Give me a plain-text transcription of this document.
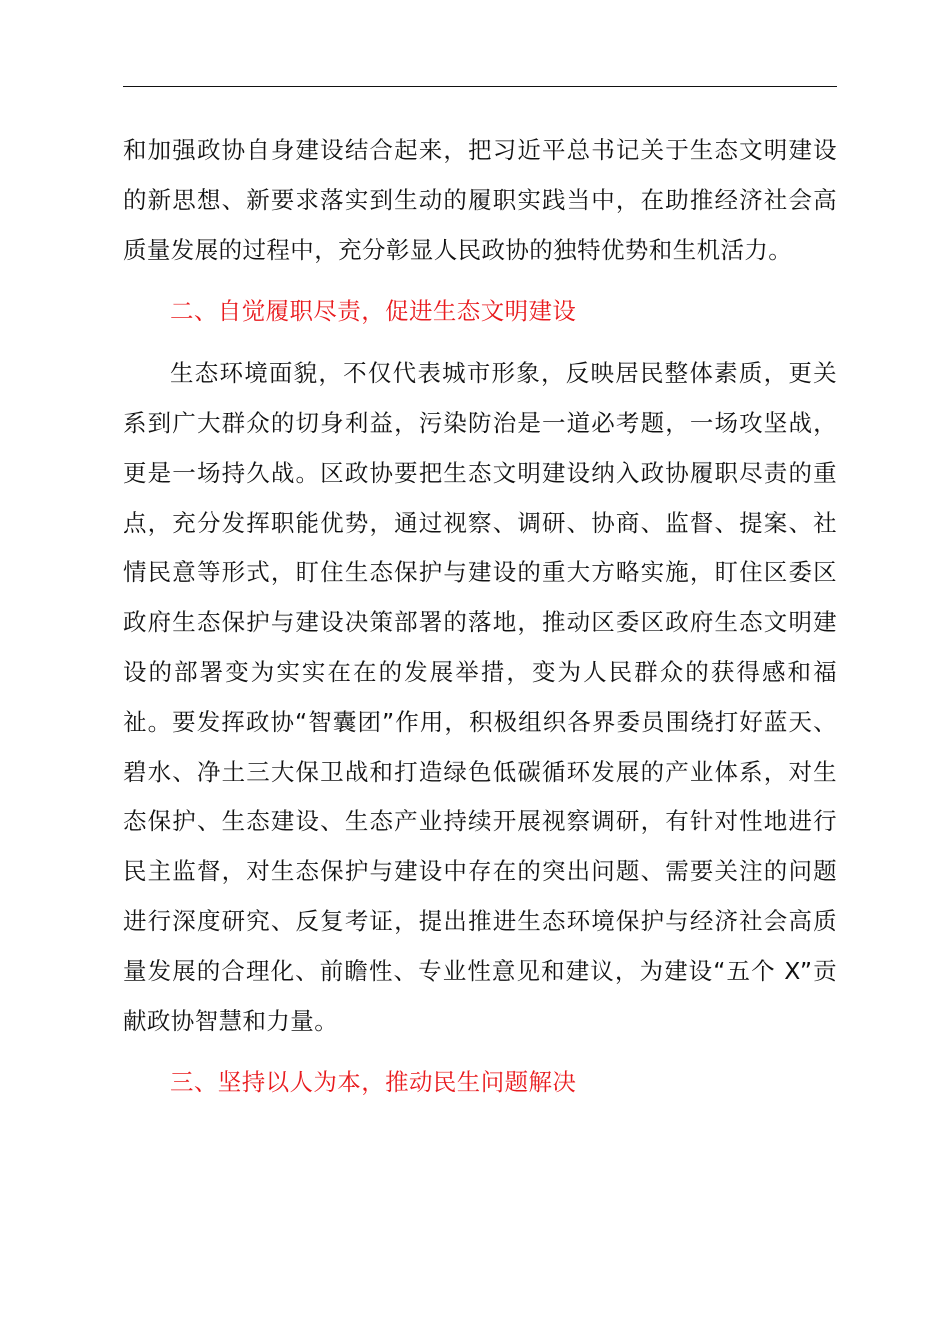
和加强政协自身建设结合起来，把习近平总书记关于生态文明建设的新思想、新要求落实到生动的履职实践当中，在助推经济社会高质量发展的过程中，充分彰显人民政协的独特优势和生机活力。

二、自觉履职尽责，促进生态文明建设

生态环境面貌，不仅代表城市形象，反映居民整体素质，更关系到广大群众的切身利益，污染防治是一道必考题，一场攻坚战，更是一场持久战。区政协要把生态文明建设纳入政协履职尽责的重点，充分发挥职能优势，通过视察、调研、协商、监督、提案、社情民意等形式，盯住生态保护与建设的重大方略实施，盯住区委区政府生态保护与建设决策部署的落地，推动区委区政府生态文明建设的部署变为实实在在的发展举措，变为人民群众的获得感和福祉。要发挥政协“智囊团”作用，积极组织各界委员围绕打好蓝天、碧水、净土三大保卫战和打造绿色低碳循环发展的产业体系，对生态保护、生态建设、生态产业持续开展视察调研，有针对性地进行民主监督，对生态保护与建设中存在的突出问题、需要关注的问题进行深度研究、反复考证，提出推进生态环境保护与经济社会高质量发展的合理化、前瞻性、专业性意见和建议，为建设“五个 X”贡献政协智慧和力量。

三、坚持以人为本，推动民生问题解决
